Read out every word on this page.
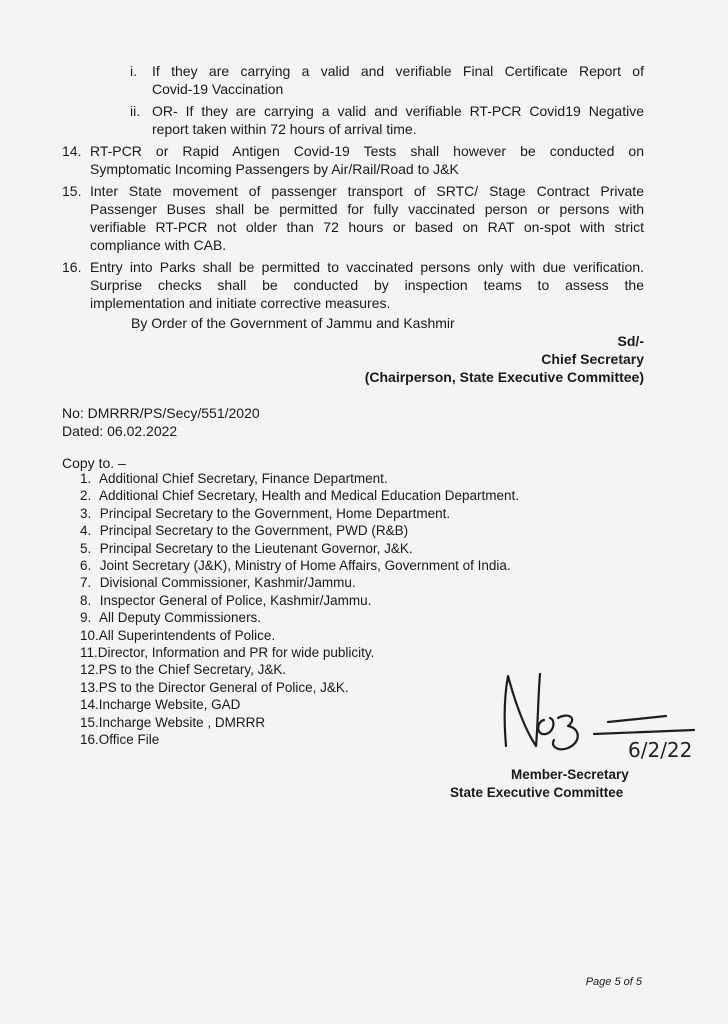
i. If they are carrying a valid and verifiable Final Certificate Report of
Covid-19 Vaccination
ii. OR- If they are carrying a valid and verifiable RT-PCR Covid19 Negative
report taken within 72 hours of arrival time.
14. RT-PCR or Rapid Antigen Covid-19 Tests shall however be conducted on
Symptomatic Incoming Passengers by Air/Rail/Road to J&K
15. Inter State movement of passenger transport of SRTC/ Stage Contract Private
Passenger Buses shall be permitted for fully vaccinated person or persons with
verifiable RT-PCR not older than 72 hours or based on RAT on-spot with strict
compliance with CAB.
16. Entry into Parks shall be permitted to vaccinated persons only with due verification.
Surprise checks shall be conducted by inspection teams to assess the
implementation and initiate corrective measures.
By Order of the Government of Jammu and Kashmir
Sd/-
Chief Secretary
(Chairperson, State Executive Committee)
No: DMRRR/PS/Secy/551/2020
Dated: 06.02.2022
Copy to. –
1. Additional Chief Secretary, Finance Department.
2. Additional Chief Secretary, Health and Medical Education Department.
3. Principal Secretary to the Government, Home Department.
4. Principal Secretary to the Government, PWD (R&B)
5. Principal Secretary to the Lieutenant Governor, J&K.
6. Joint Secretary (J&K), Ministry of Home Affairs, Government of India.
7. Divisional Commissioner, Kashmir/Jammu.
8. Inspector General of Police, Kashmir/Jammu.
9. All Deputy Commissioners.
10.All Superintendents of Police.
11.Director, Information and PR for wide publicity.
12.PS to the Chief Secretary, J&K.
13.PS to the Director General of Police, J&K.
14.Incharge Website, GAD
15.Incharge Website , DMRRR
16.Office File	6/2/22
Member-Secretary
State Executive Committee
Page 5 of 5
